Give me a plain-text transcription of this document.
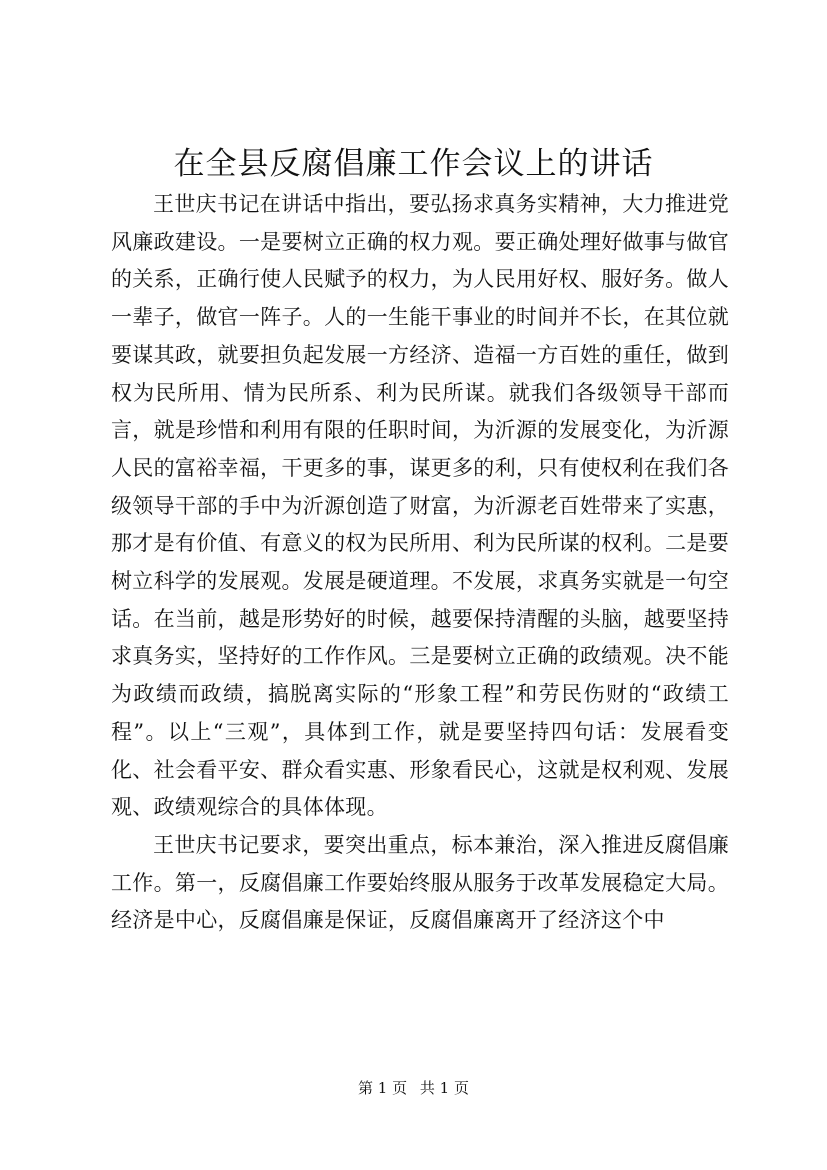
在全县反腐倡廉工作会议上的讲话

王世庆书记在讲话中指出，要弘扬求真务实精神，大力推进党风廉政建设。一是要树立正确的权力观。要正确处理好做事与做官的关系，正确行使人民赋予的权力，为人民用好权、服好务。做人一辈子，做官一阵子。人的一生能干事业的时间并不长，在其位就要谋其政，就要担负起发展一方经济、造福一方百姓的重任，做到权为民所用、情为民所系、利为民所谋。就我们各级领导干部而言，就是珍惜和利用有限的任职时间，为沂源的发展变化，为沂源人民的富裕幸福，干更多的事，谋更多的利，只有使权利在我们各级领导干部的手中为沂源创造了财富，为沂源老百姓带来了实惠，那才是有价值、有意义的权为民所用、利为民所谋的权利。二是要树立科学的发展观。发展是硬道理。不发展，求真务实就是一句空话。在当前，越是形势好的时候，越要保持清醒的头脑，越要坚持求真务实，坚持好的工作作风。三是要树立正确的政绩观。决不能为政绩而政绩，搞脱离实际的“形象工程”和劳民伤财的“政绩工程”。以上“三观”，具体到工作，就是要坚持四句话：发展看变化、社会看平安、群众看实惠、形象看民心，这就是权利观、发展观、政绩观综合的具体体现。

王世庆书记要求，要突出重点，标本兼治，深入推进反腐倡廉工作。第一，反腐倡廉工作要始终服从服务于改革发展稳定大局。经济是中心，反腐倡廉是保证，反腐倡廉离开了经济这个中

第 1 页 共 1 页
